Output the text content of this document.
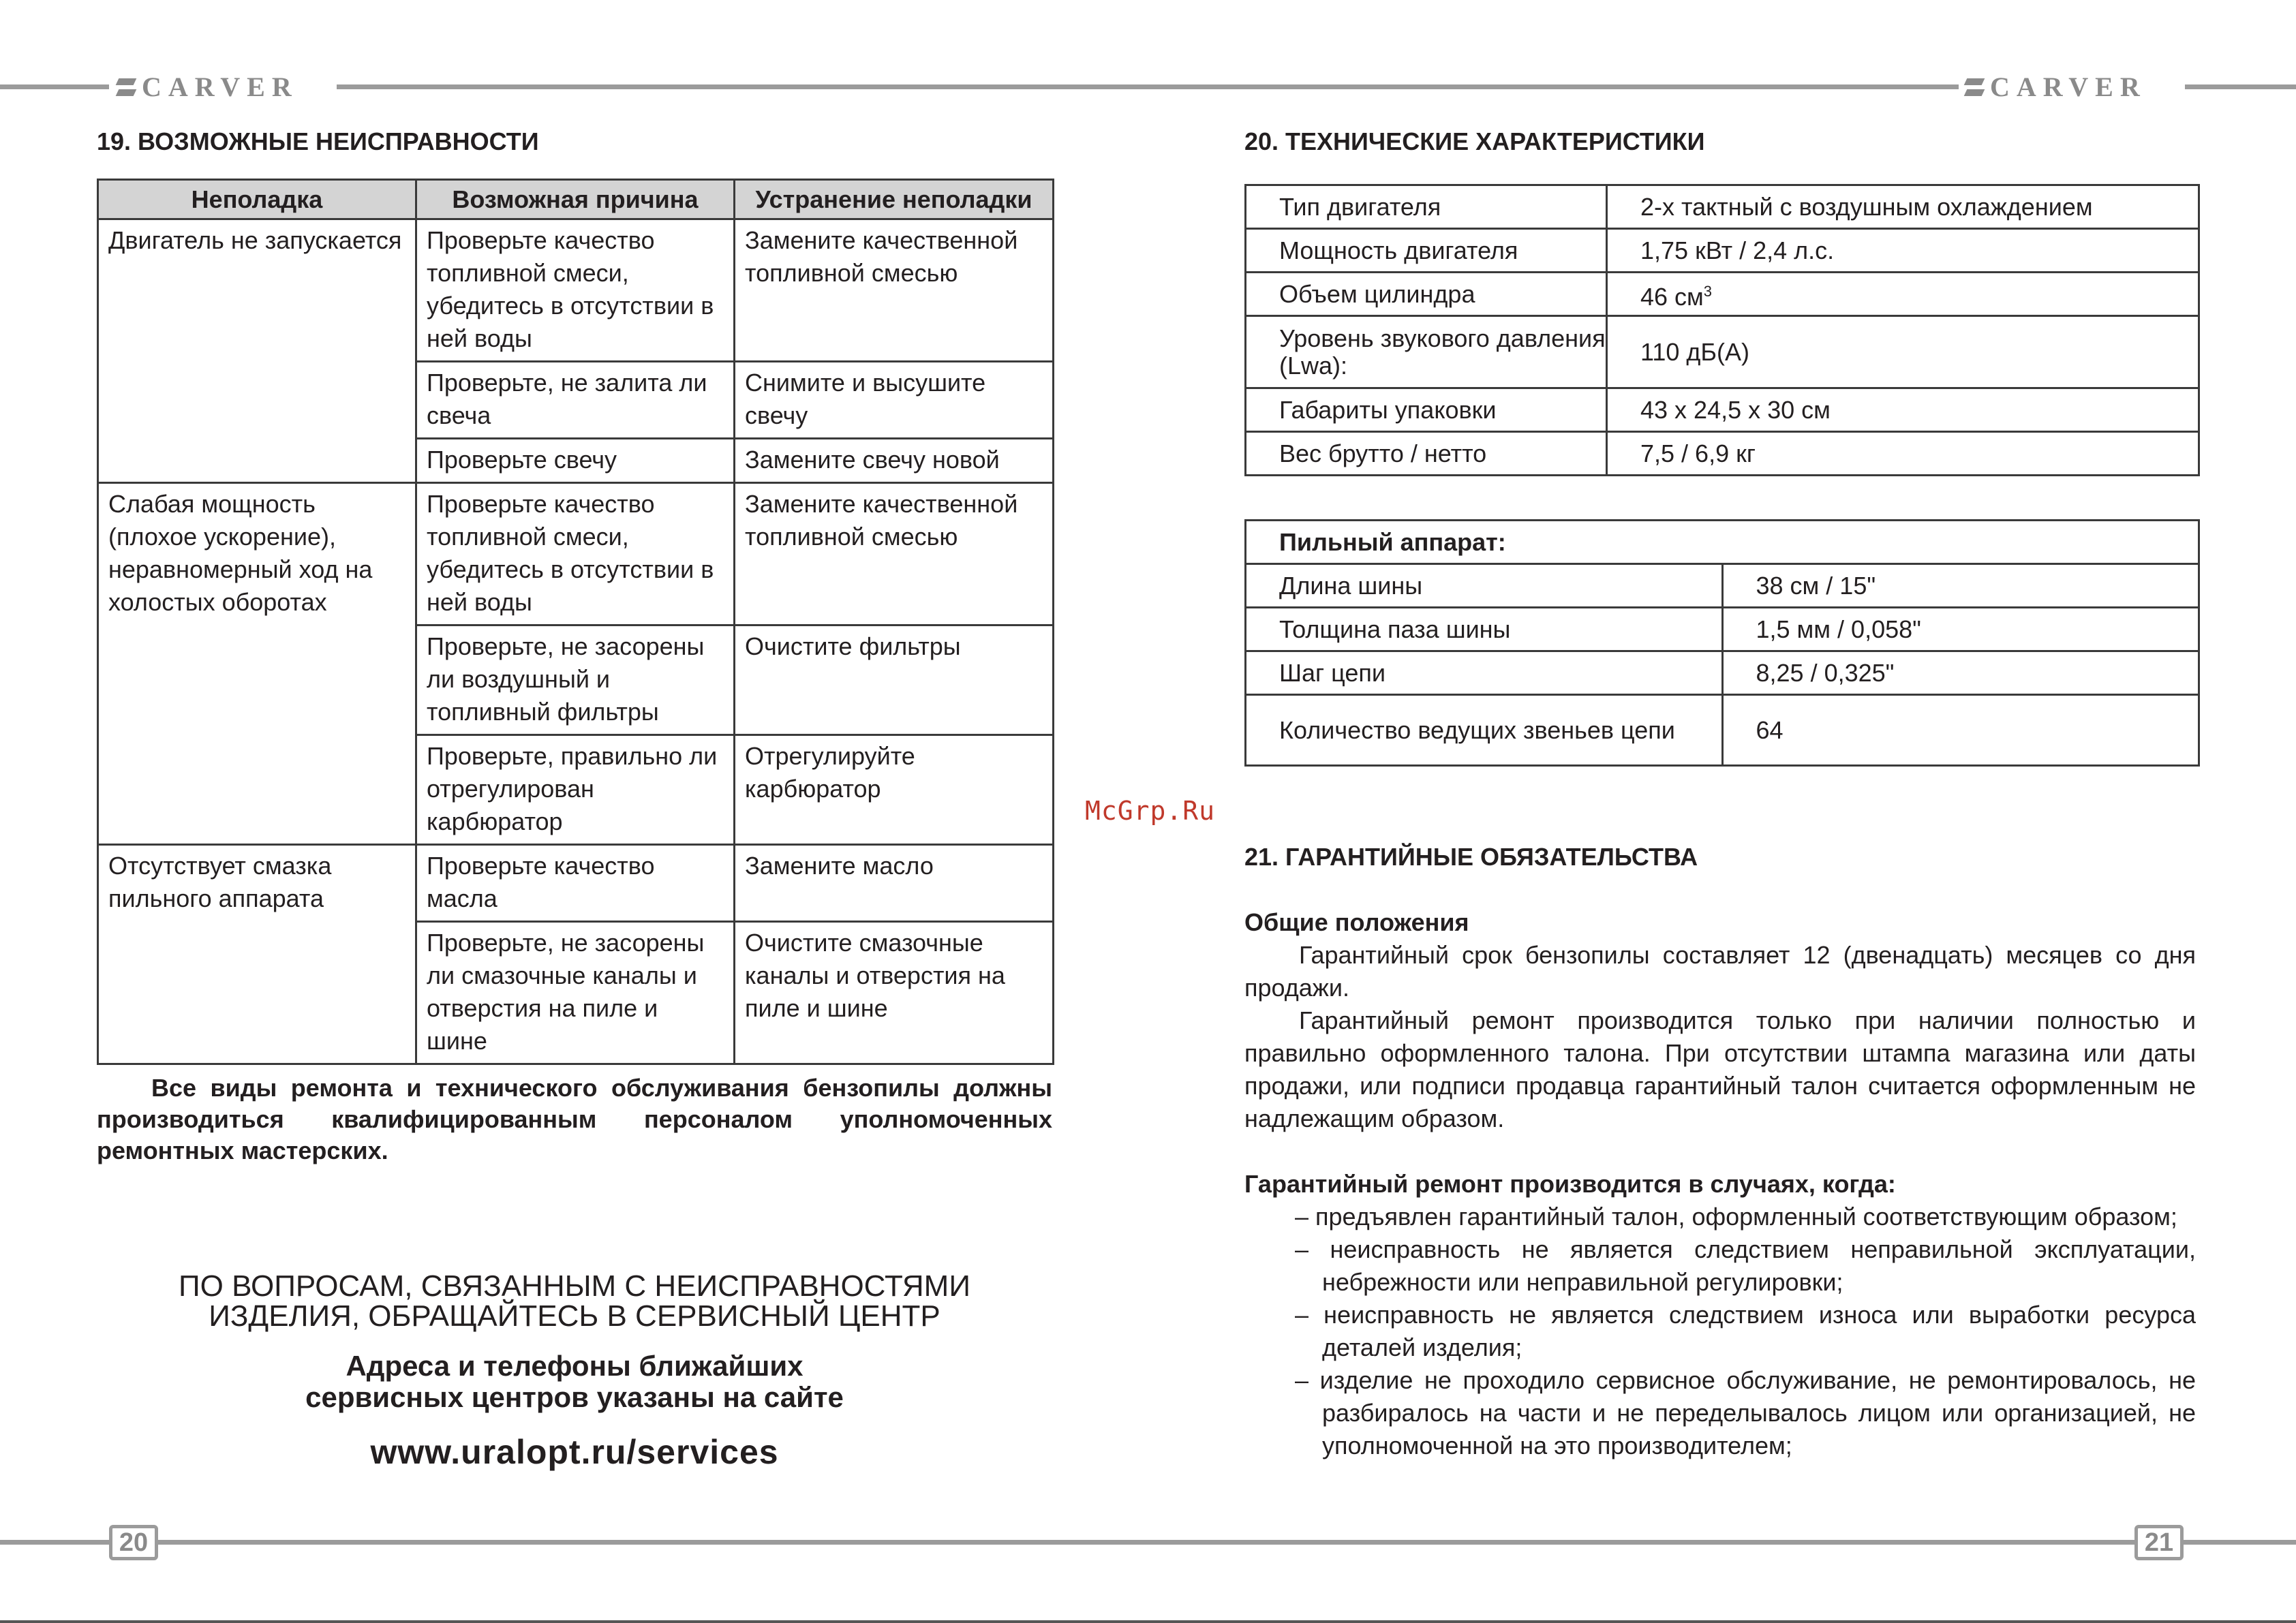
CARVER	CARVER
19. ВОЗМОЖНЫЕ НЕИСПРАВНОСТИ
Неполадка	Возможная причина	Устранение неполадки
Двигатель не запускается	Проверьте качество топливной смеси, убедитесь в отсутствии в ней воды	Замените качественной топливной смесью
	Проверьте, не залита ли свеча	Снимите и высушите свечу
	Проверьте свечу	Замените свечу новой
Слабая мощность (плохое ускорение), неравномерный ход на холостых оборотах	Проверьте качество топливной смеси, убедитесь в отсутствии в ней воды	Замените качественной топливной смесью
	Проверьте, не засорены ли воздушный и топливный фильтры	Очистите фильтры
	Проверьте, правильно ли отрегулирован карбюратор	Отрегулируйте карбюратор
Отсутствует смазка пильного аппарата	Проверьте качество масла	Замените масло
	Проверьте, не засорены ли смазочные каналы и отверстия на пиле и шине	Очистите смазочные каналы и отверстия на пиле и шине
Все виды ремонта и технического обслуживания бензопилы должны производиться квалифицированным персоналом уполномоченных ремонтных мастерских.
ПО ВОПРОСАМ, СВЯЗАННЫМ С НЕИСПРАВНОСТЯМИ
ИЗДЕЛИЯ, ОБРАЩАЙТЕСЬ В СЕРВИСНЫЙ ЦЕНТР
Адреса и телефоны ближайших
сервисных центров указаны на сайте
www.uralopt.ru/services
McGrp.Ru
20. ТЕХНИЧЕСКИЕ ХАРАКТЕРИСТИКИ
Тип двигателя	2-х тактный с воздушным охлаждением
Мощность двигателя	1,75 кВт / 2,4 л.с.
Объем цилиндра	46 $см^3$
Уровень звукового давления (Lwa):	110 дБ(А)
Габариты упаковки	43 х 24,5 х 30 см
Вес брутто / нетто	7,5 / 6,9 кг
Пильный аппарат:	
Длина шины	38 см / 15"
Толщина паза шины	1,5 мм / 0,058"
Шаг цепи	8,25 / 0,325"
Количество ведущих звеньев цепи	64
21. ГАРАНТИЙНЫЕ ОБЯЗАТЕЛЬСТВА
Общие положения
Гарантийный срок бензопилы составляет 12 (двенадцать) месяцев со дня продажи.
Гарантийный ремонт производится только при наличии полностью и правильно оформленного талона. При отсутствии штампа магазина или даты продажи, или подписи продавца гарантийный талон считается оформленным не надлежащим образом.
Гарантийный ремонт производится в случаях, когда:
– предъявлен гарантийный талон, оформленный соответствующим образом;
– неисправность не является следствием неправильной эксплуатации, небрежности или неправильной регулировки;
– неисправность не является следствием износа или выработки ресурса деталей изделия;
– изделие не проходило сервисное обслуживание, не ремонтировалось, не разбиралось на части и не переделывалось лицом или организацией, не уполномоченной на это производителем;
20	21
